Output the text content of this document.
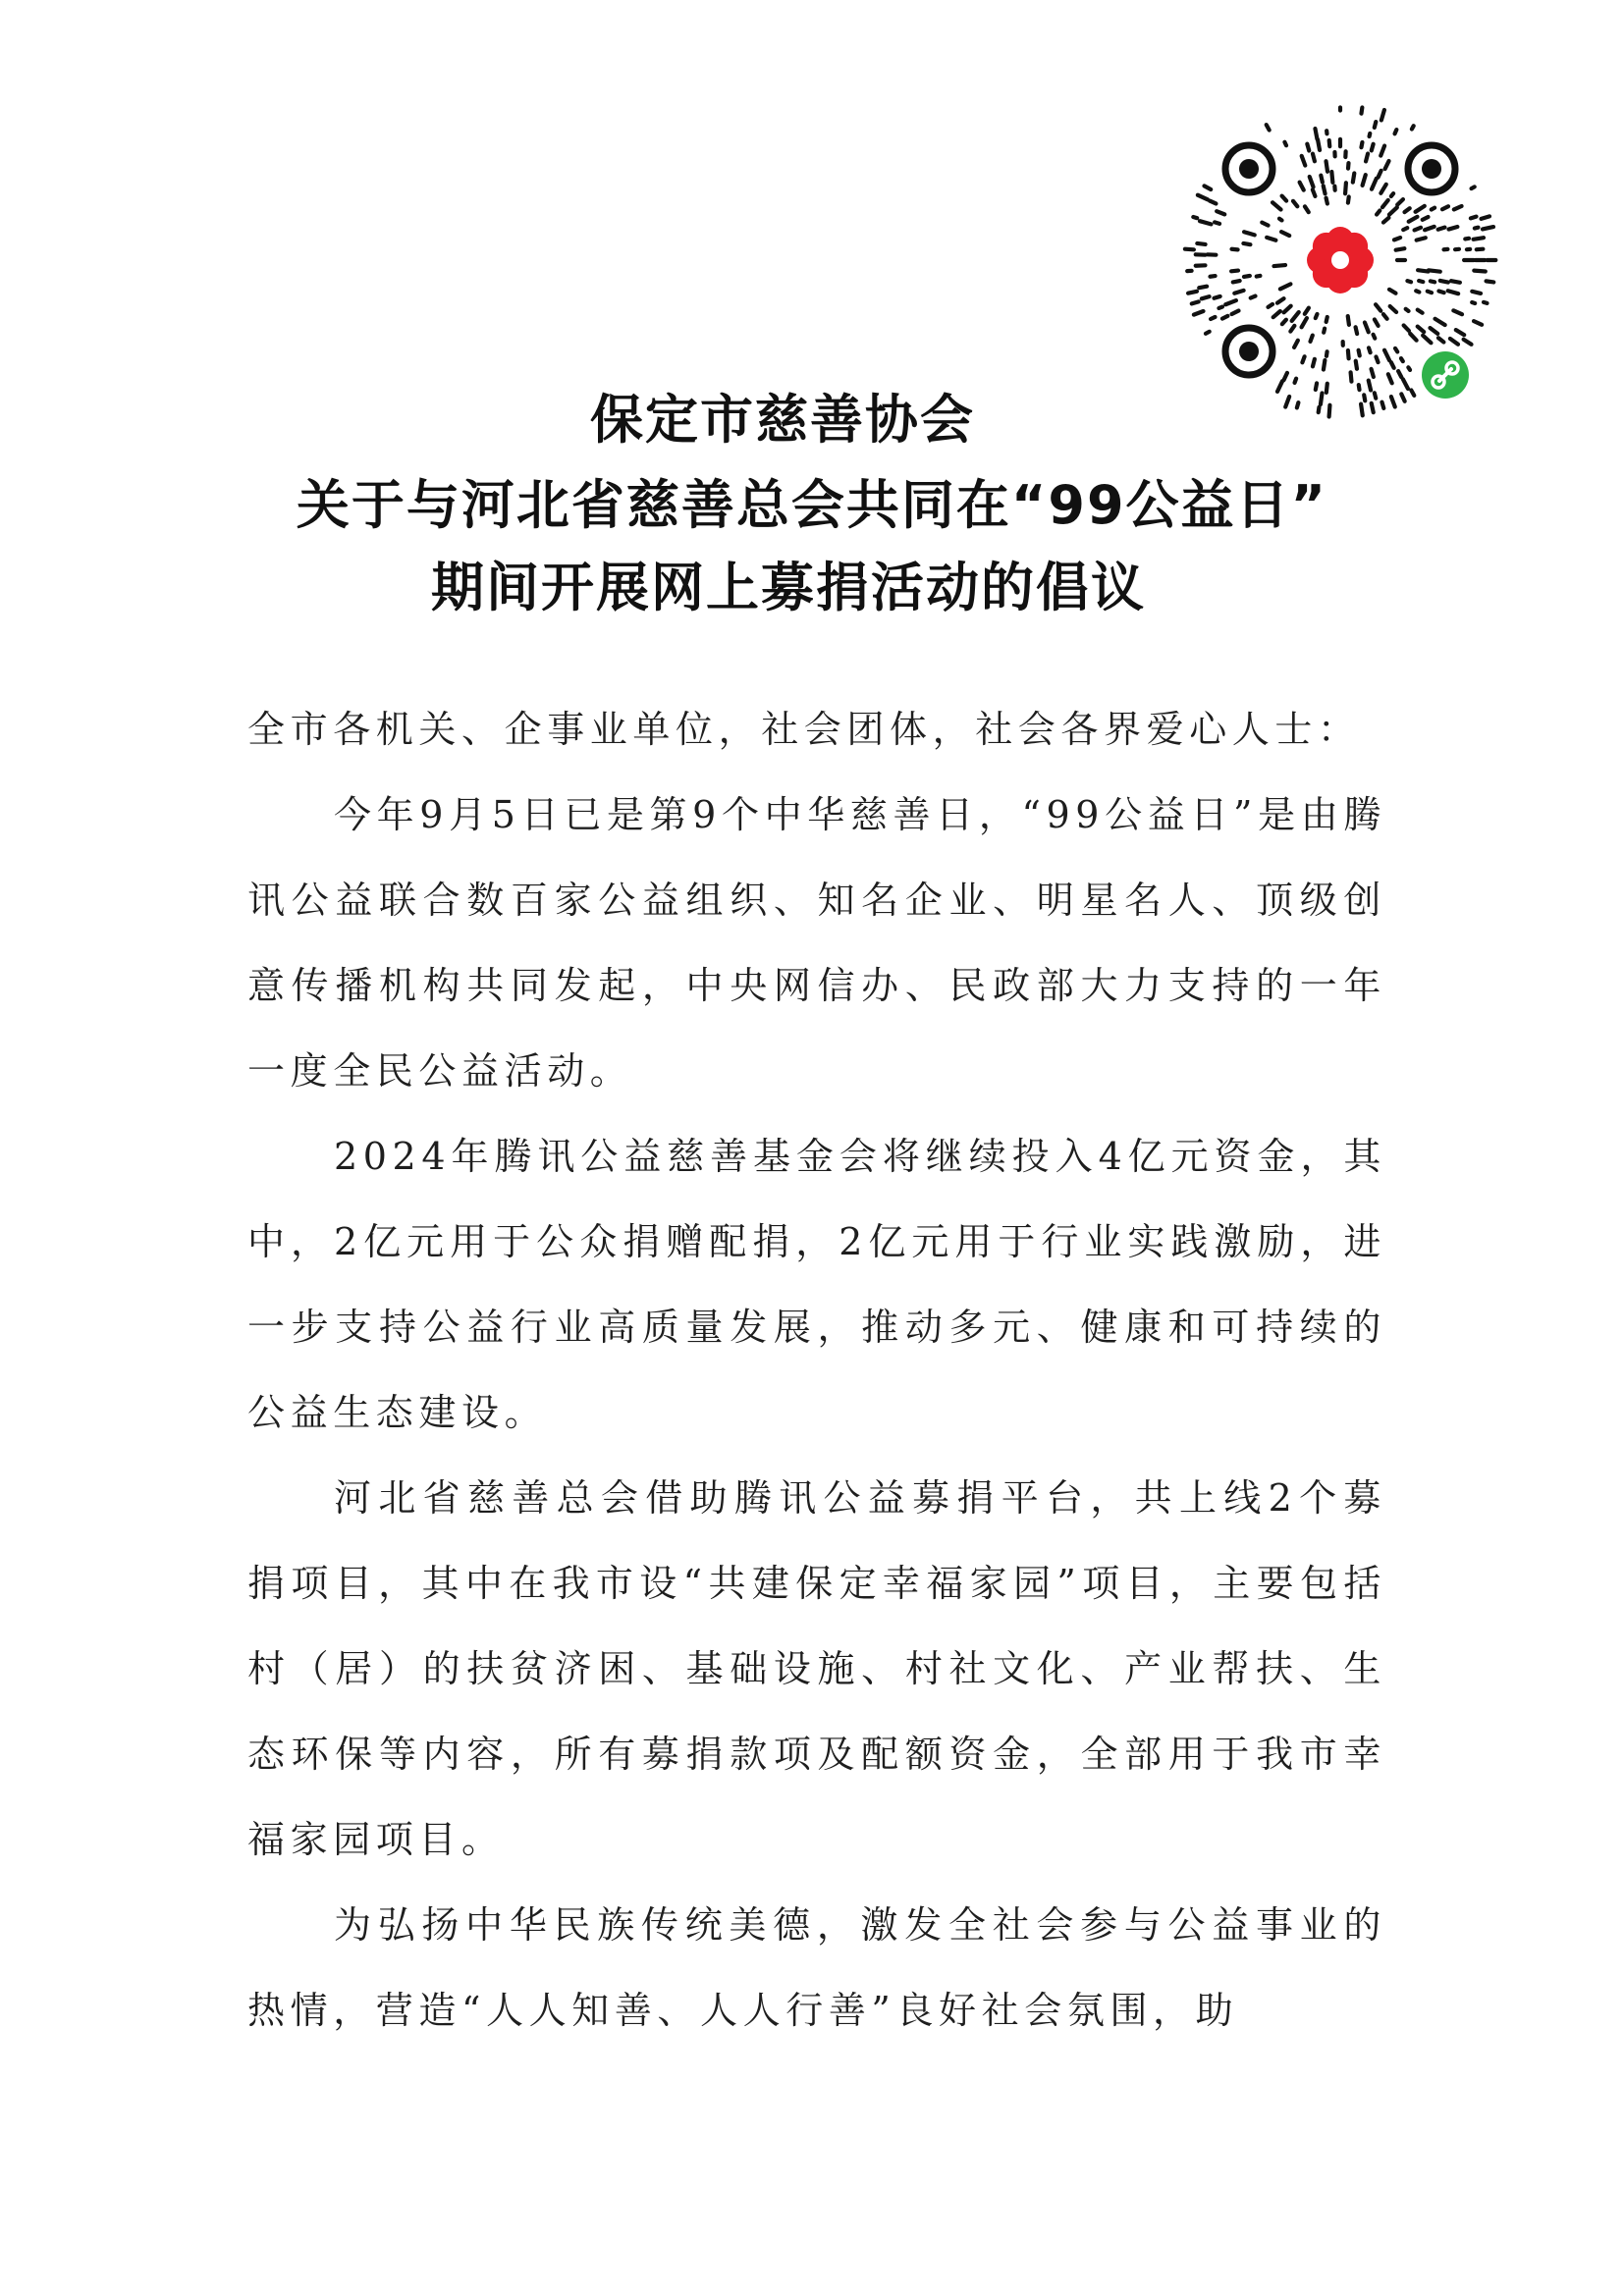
保定市慈善协会
关于与河北省慈善总会共同在“99公益日”
期间开展网上募捐活动的倡议

全市各机关、企事业单位，社会团体，社会各界爱心人士：

今年9月5日已是第9个中华慈善日，“99公益日”是由腾讯公益联合数百家公益组织、知名企业、明星名人、顶级创意传播机构共同发起，中央网信办、民政部大力支持的一年一度全民公益活动。

2024年腾讯公益慈善基金会将继续投入4亿元资金，其中，2亿元用于公众捐赠配捐，2亿元用于行业实践激励，进一步支持公益行业高质量发展，推动多元、健康和可持续的公益生态建设。

河北省慈善总会借助腾讯公益募捐平台，共上线2个募捐项目，其中在我市设“共建保定幸福家园”项目，主要包括村（居）的扶贫济困、基础设施、村社文化、产业帮扶、生态环保等内容，所有募捐款项及配额资金，全部用于我市幸福家园项目。

为弘扬中华民族传统美德，激发全社会参与公益事业的热情，营造“人人知善、人人行善”良好社会氛围，助
